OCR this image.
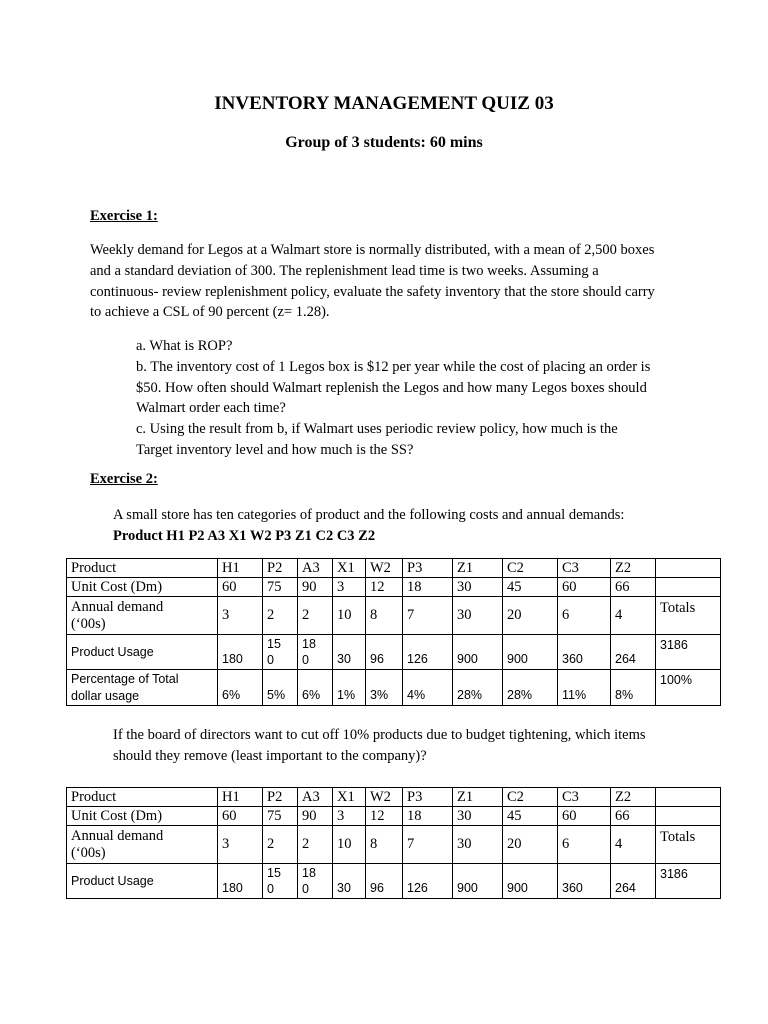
INVENTORY MANAGEMENT QUIZ 03
Group of 3 students: 60 mins
Exercise 1:

Weekly demand for Legos at a Walmart store is normally distributed, with a mean of 2,500 boxes

and a standard deviation of 300. The replenishment lead time is two weeks. Assuming a

continuous- review replenishment policy, evaluate the safety inventory that the store should carry

to achieve a CSL of 90 percent (z= 1.28).

a. What is ROP?

b. The inventory cost of 1 Legos box is $12 per year while the cost of placing an order is

$50. How often should Walmart replenish the Legos and how many Legos boxes should

Walmart order each time?

c. Using the result from b, if Walmart uses periodic review policy, how much is the

Target inventory level and how much is the SS?

Exercise 2:

A small store has ten categories of product and the following costs and annual demands:

Product H1 P2 A3 X1 W2 P3 Z1 C2 C3 Z2

Product	H1	P2	A3	X1	W2	P3	Z1	C2	C3	Z2	
Unit Cost (Dm)	60	75	90	3	12	18	30	45	60	66	
Annual demand
(‘00s)	3	2	2	10	8	7	30	20	6	4	Totals
Product Usage	180	15
0	18
0	30	96	126	900	900	360	264	3186
Percentage of Total
dollar usage	6%	5%	6%	1%	3%	4%	28%	28%	11%	8%	100%

If the board of directors want to cut off 10% products due to budget tightening, which items

should they remove (least important to the company)?

Product	H1	P2	A3	X1	W2	P3	Z1	C2	C3	Z2	
Unit Cost (Dm)	60	75	90	3	12	18	30	45	60	66	
Annual demand
(‘00s)	3	2	2	10	8	7	30	20	6	4	Totals
Product Usage	180	15
0	18
0	30	96	126	900	900	360	264	3186
